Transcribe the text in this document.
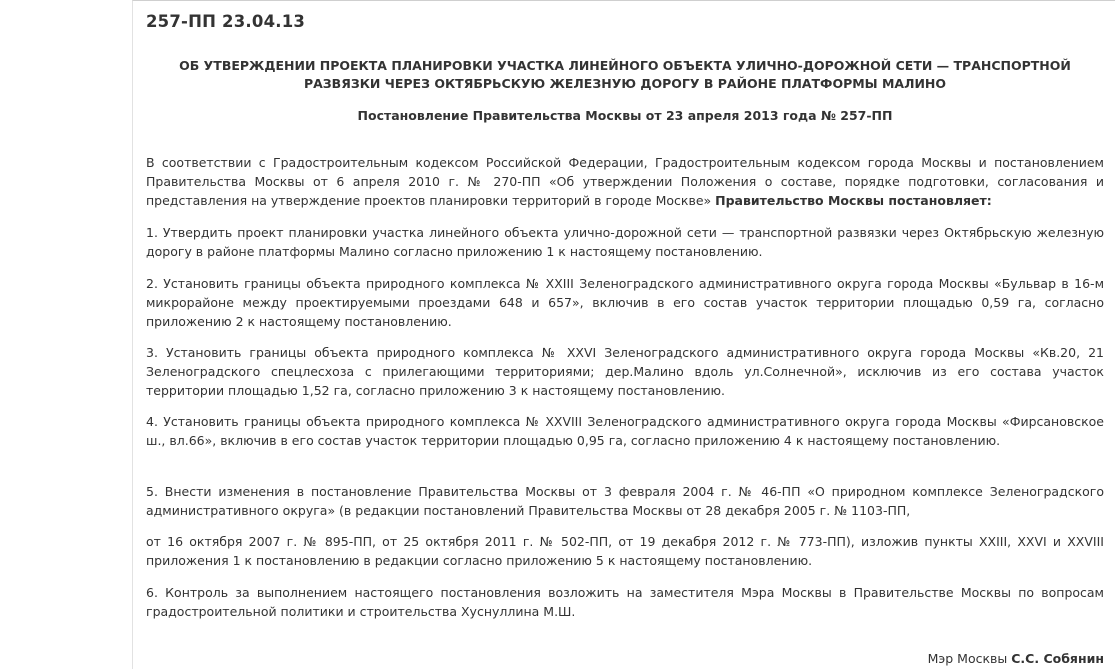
257-ПП 23.04.13
ОБ УТВЕРЖДЕНИИ ПРОЕКТА ПЛАНИРОВКИ УЧАСТКА ЛИНЕЙНОГО ОБЪЕКТА УЛИЧНО-ДОРОЖНОЙ СЕТИ — ТРАНСПОРТНОЙ РАЗВЯЗКИ ЧЕРЕЗ ОКТЯБРЬСКУЮ ЖЕЛЕЗНУЮ ДОРОГУ В РАЙОНЕ ПЛАТФОРМЫ МАЛИНО
Постановление Правительства Москвы от 23 апреля 2013 года № 257-ПП

В соответствии с Градостроительным кодексом Российской Федерации, Градостроительным кодексом города Москвы и постановлением Правительства Москвы от 6 апреля 2010 г. № 270-ПП «Об утверждении Положения о составе, порядке подготовки, согласования и представления на утверждение проектов планировки территорий в городе Москве» Правительство Москвы постановляет:

1. Утвердить проект планировки участка линейного объекта улично-дорожной сети — транспортной развязки через Октябрьскую железную дорогу в районе платформы Малино согласно приложению 1 к настоящему постановлению.

2. Установить границы объекта природного комплекса № XXIII Зеленоградского административного округа города Москвы «Бульвар в 16-м микрорайоне между проектируемыми проездами 648 и 657», включив в его состав участок территории площадью 0,59 га, согласно приложению 2 к настоящему постановлению.

3. Установить границы объекта природного комплекса № XXVI Зеленоградского административного округа города Москвы «Кв.20, 21 Зеленоградского спецлесхоза с прилегающими территориями; дер.Малино вдоль ул.Солнечной», исключив из его состава участок территории площадью 1,52 га, согласно приложению 3 к настоящему постановлению.

4. Установить границы объекта природного комплекса № XXVIII Зеленоградского административного округа города Москвы «Фирсановское ш., вл.66», включив в его состав участок территории площадью 0,95 га, согласно приложению 4 к настоящему постановлению.

5. Внести изменения в постановление Правительства Москвы от 3 февраля 2004 г. № 46-ПП «О природном комплексе Зеленоградского административного округа» (в редакции постановлений Правительства Москвы от 28 декабря 2005 г. № 1103-ПП,

от 16 октября 2007 г. № 895-ПП, от 25 октября 2011 г. № 502-ПП, от 19 декабря 2012 г. № 773-ПП), изложив пункты XXIII, XXVI и XXVIII приложения 1 к постановлению в редакции согласно приложению 5 к настоящему постановлению.

6. Контроль за выполнением настоящего постановления возложить на заместителя Мэра Москвы в Правительстве Москвы по вопросам градостроительной политики и строительства Хуснуллина М.Ш.

Мэр Москвы С.С. Собянин
